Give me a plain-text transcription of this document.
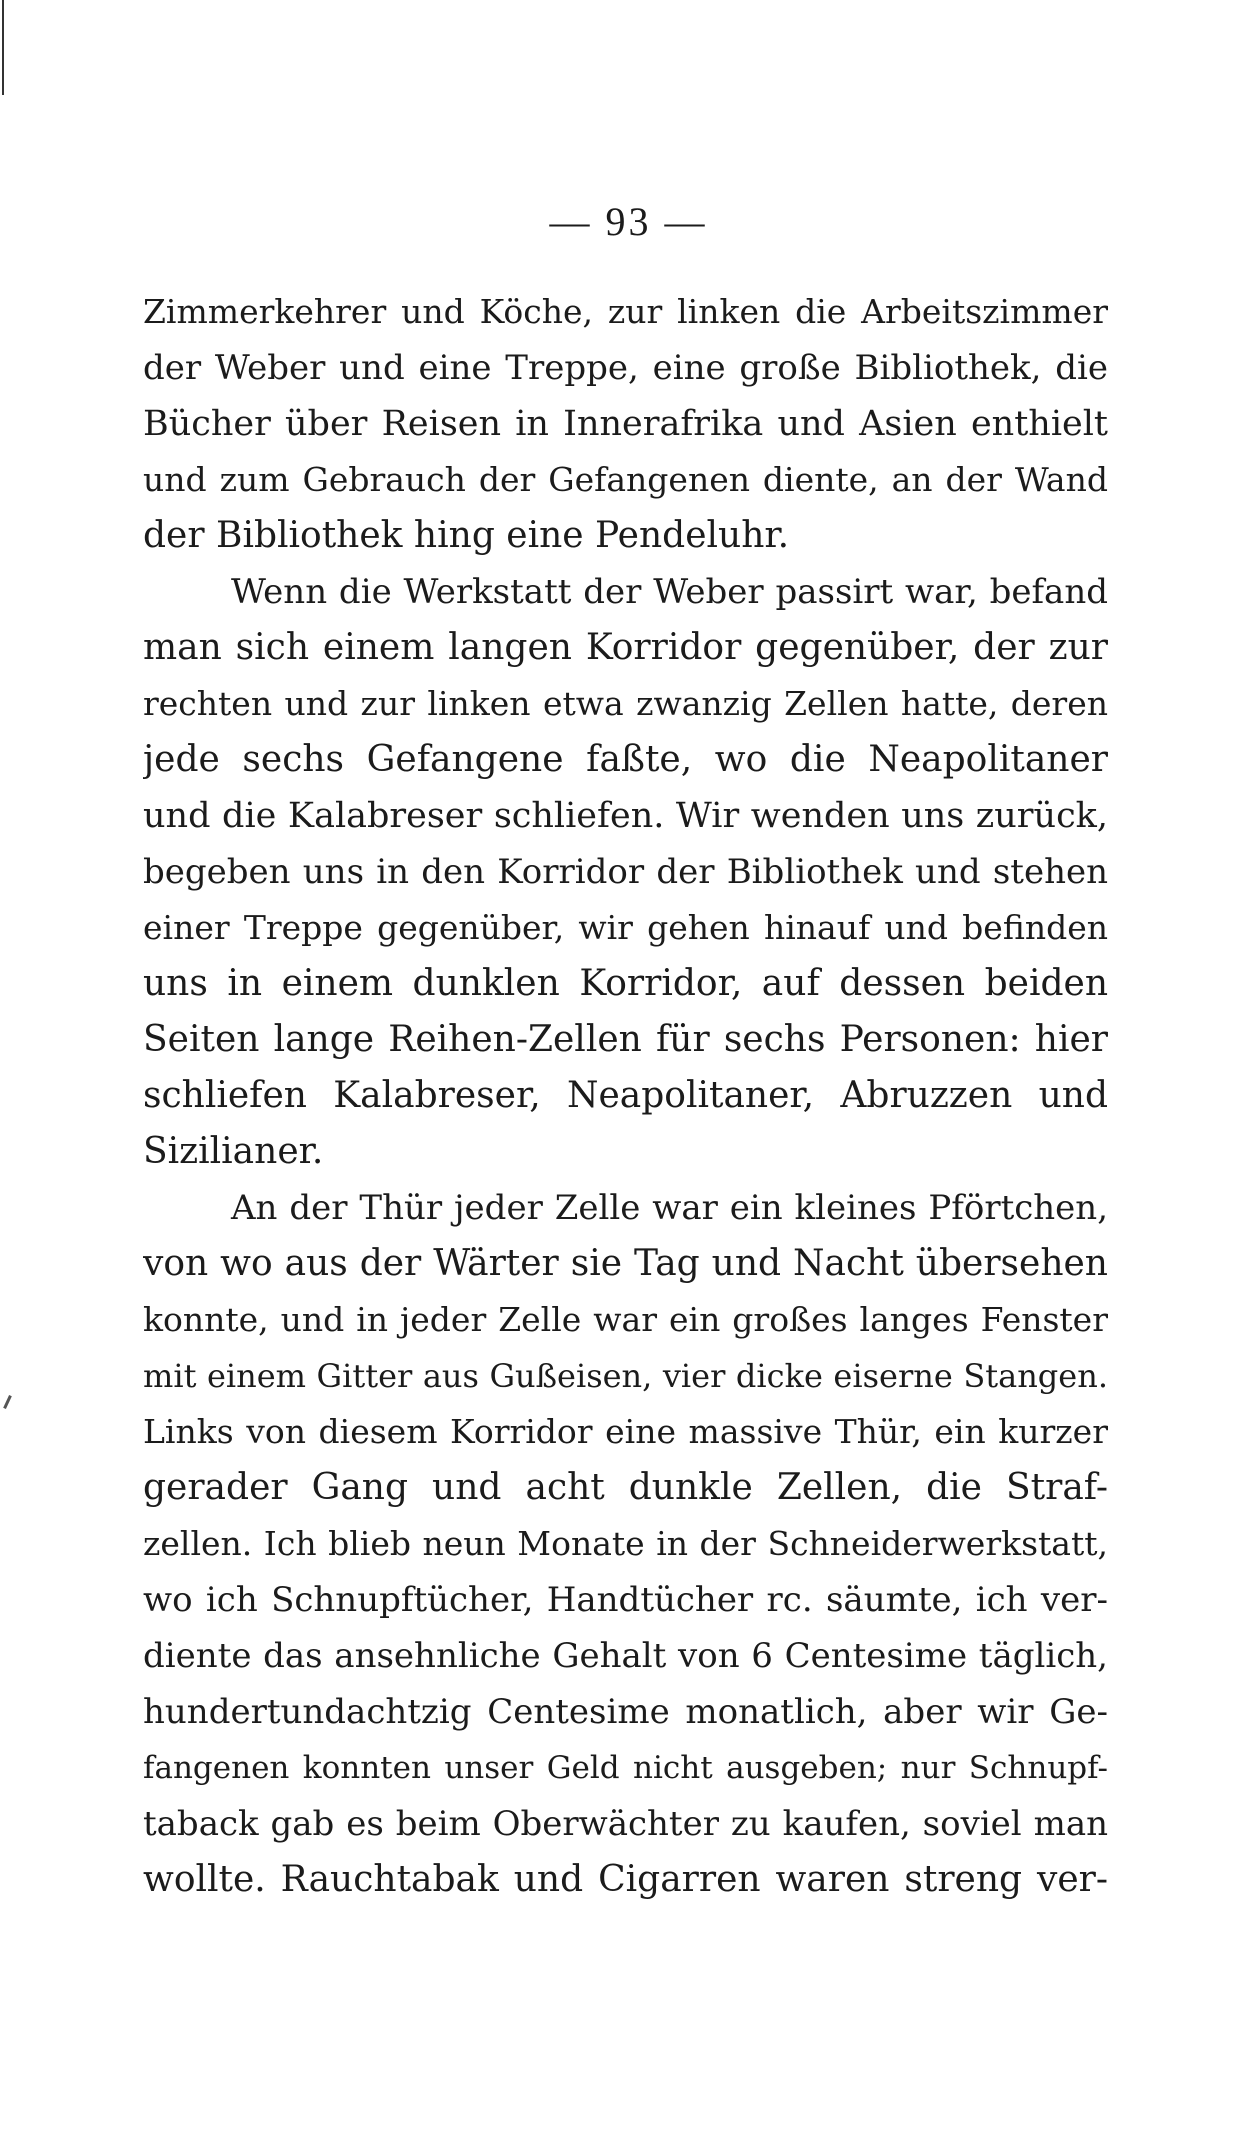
— 93 —
Zimmerkehrer und Köche, zur linken die Arbeitszimmer
der Weber und eine Treppe, eine große Bibliothek, die
Bücher über Reisen in Innerafrika und Asien enthielt
und zum Gebrauch der Gefangenen diente, an der Wand
der Bibliothek hing eine Pendeluhr.
Wenn die Werkstatt der Weber passirt war, befand
man sich einem langen Korridor gegenüber, der zur
rechten und zur linken etwa zwanzig Zellen hatte, deren
jede sechs Gefangene faßte, wo die Neapolitaner
und die Kalabreser schliefen. Wir wenden uns zurück,
begeben uns in den Korridor der Bibliothek und stehen
einer Treppe gegenüber, wir gehen hinauf und befinden
uns in einem dunklen Korridor, auf dessen beiden
Seiten lange Reihen-Zellen für sechs Personen: hier
schliefen Kalabreser, Neapolitaner, Abruzzen und
Sizilianer.
An der Thür jeder Zelle war ein kleines Pförtchen,
von wo aus der Wärter sie Tag und Nacht übersehen
konnte, und in jeder Zelle war ein großes langes Fenster
mit einem Gitter aus Gußeisen, vier dicke eiserne Stangen.
Links von diesem Korridor eine massive Thür, ein kurzer
gerader Gang und acht dunkle Zellen, die Straf-
zellen. Ich blieb neun Monate in der Schneiderwerkstatt,
wo ich Schnupftücher, Handtücher rc. säumte, ich ver-
diente das ansehnliche Gehalt von 6 Centesime täglich,
hundertundachtzig Centesime monatlich, aber wir Ge-
fangenen konnten unser Geld nicht ausgeben; nur Schnupf-
taback gab es beim Oberwächter zu kaufen, soviel man
wollte. Rauchtabak und Cigarren waren streng ver-
